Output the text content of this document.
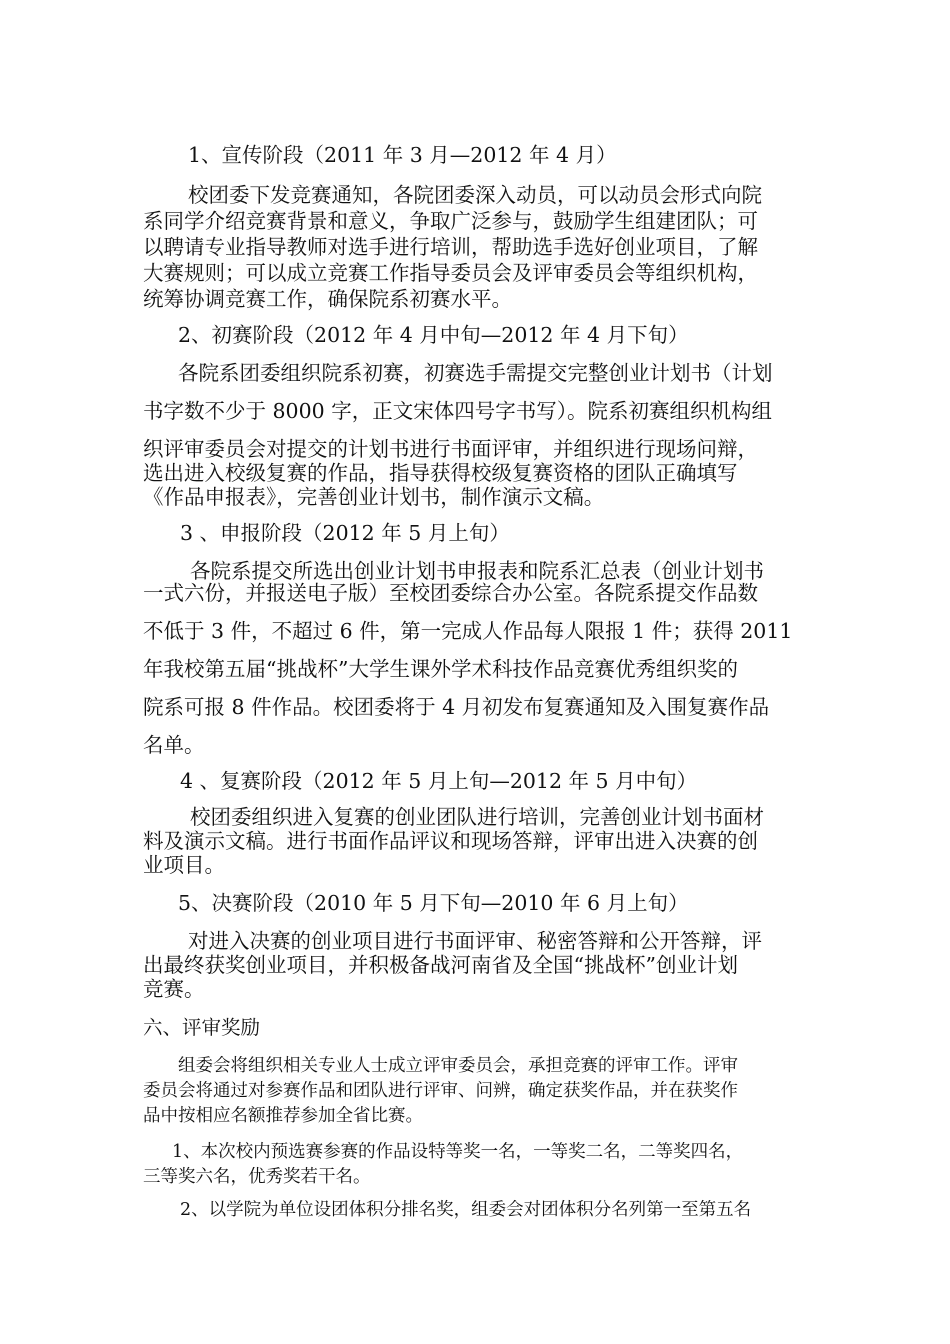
1、宣传阶段（2011 年 3 月—2012 年 4 月）
校团委下发竞赛通知，各院团委深入动员，可以动员会形式向院
系同学介绍竞赛背景和意义，争取广泛参与，鼓励学生组建团队；可
以聘请专业指导教师对选手进行培训，帮助选手选好创业项目，了解
大赛规则；可以成立竞赛工作指导委员会及评审委员会等组织机构，
统筹协调竞赛工作，确保院系初赛水平。
2、初赛阶段（2012 年 4 月中旬—2012 年 4 月下旬）
各院系团委组织院系初赛，初赛选手需提交完整创业计划书（计划
书字数不少于 8000 字，正文宋体四号字书写）。院系初赛组织机构组
织评审委员会对提交的计划书进行书面评审，并组织进行现场问辩，
选出进入校级复赛的作品，指导获得校级复赛资格的团队正确填写
《作品申报表》，完善创业计划书，制作演示文稿。
3 、申报阶段（2012 年 5 月上旬）
各院系提交所选出创业计划书申报表和院系汇总表（创业计划书
一式六份，并报送电子版）至校团委综合办公室。各院系提交作品数
不低于 3 件，不超过 6 件，第一完成人作品每人限报 1 件；获得 2011
年我校第五届“挑战杯”大学生课外学术科技作品竞赛优秀组织奖的
院系可报 8 件作品。校团委将于 4 月初发布复赛通知及入围复赛作品
名单。
4 、复赛阶段（2012 年 5 月上旬—2012 年 5 月中旬）
校团委组织进入复赛的创业团队进行培训，完善创业计划书面材
料及演示文稿。进行书面作品评议和现场答辩，评审出进入决赛的创
业项目。
5、决赛阶段（2010 年 5 月下旬—2010 年 6 月上旬）
对进入决赛的创业项目进行书面评审、秘密答辩和公开答辩，评
出最终获奖创业项目，并积极备战河南省及全国“挑战杯”创业计划
竞赛。
六、评审奖励
组委会将组织相关专业人士成立评审委员会，承担竞赛的评审工作。评审
委员会将通过对参赛作品和团队进行评审、问辨，确定获奖作品，并在获奖作
品中按相应名额推荐参加全省比赛。
1、本次校内预选赛参赛的作品设特等奖一名，一等奖二名，二等奖四名，
三等奖六名，优秀奖若干名。
2、以学院为单位设团体积分排名奖，组委会对团体积分名列第一至第五名
